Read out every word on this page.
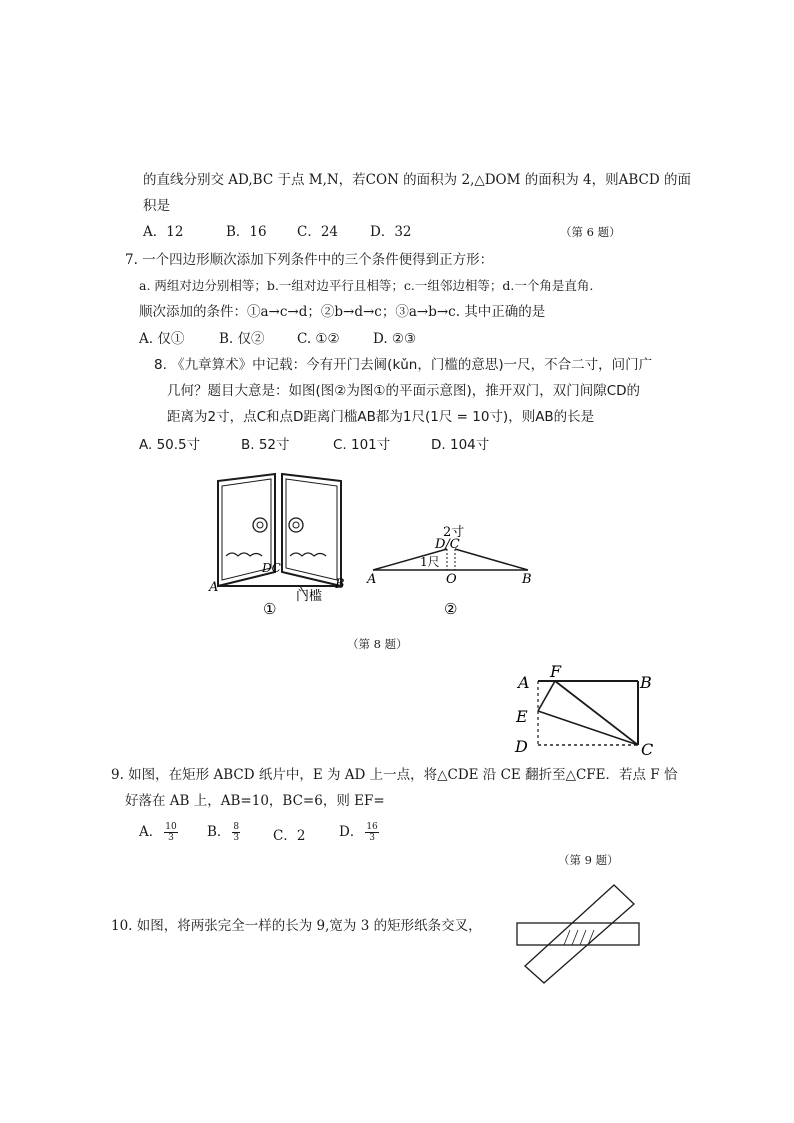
的直线分别交 AD,BC 于点 M,N，若CON 的面积为 2,△DOM 的面积为 4，则ABCD 的面
积是
A．12	B．16 C．24 D．32	（第 6 题）
7. 一个四边形顺次添加下列条件中的三个条件便得到正方形：
a. 两组对边分别相等；b.一组对边平行且相等；c.一组邻边相等；d.一个角是直角.
顺次添加的条件：①a→c→d；②b→d→c；③a→b→c. 其中正确的是
A. 仅①	B. 仅② C. ①② D. ②③
8. 《九章算术》中记载：今有开门去阃(kǔn，门槛的意思)一尺，不合二寸，问门广
几何？题目大意是：如图(图②为图①的平面示意图)，推开双门，双门间隙CD的
距离为2寸，点C和点D距离门槛AB都为1尺(1尺 = 10寸)，则AB的长是
A. 50.5寸	B. 52寸	C. 101寸	D. 104寸
A	B
DC
门槛
①
2寸
D/C
1尺
A	O	B
②
（第 8 题）
A
F
B
E
D	C
9. 如图，在矩形 ABCD 纸片中，E 为 AD 上一点，将△CDE 沿 CE 翻折至△CFE．若点 F 恰
好落在 AB 上，AB=10，BC=6，则 EF=
A． $\frac{10}{3}$ B． $\frac{8}{3}$ C．2 D． $\frac{16}{3}$
（第 9 题）
10. 如图，将两张完全一样的长为 9,宽为 3 的矩形纸条交叉，
